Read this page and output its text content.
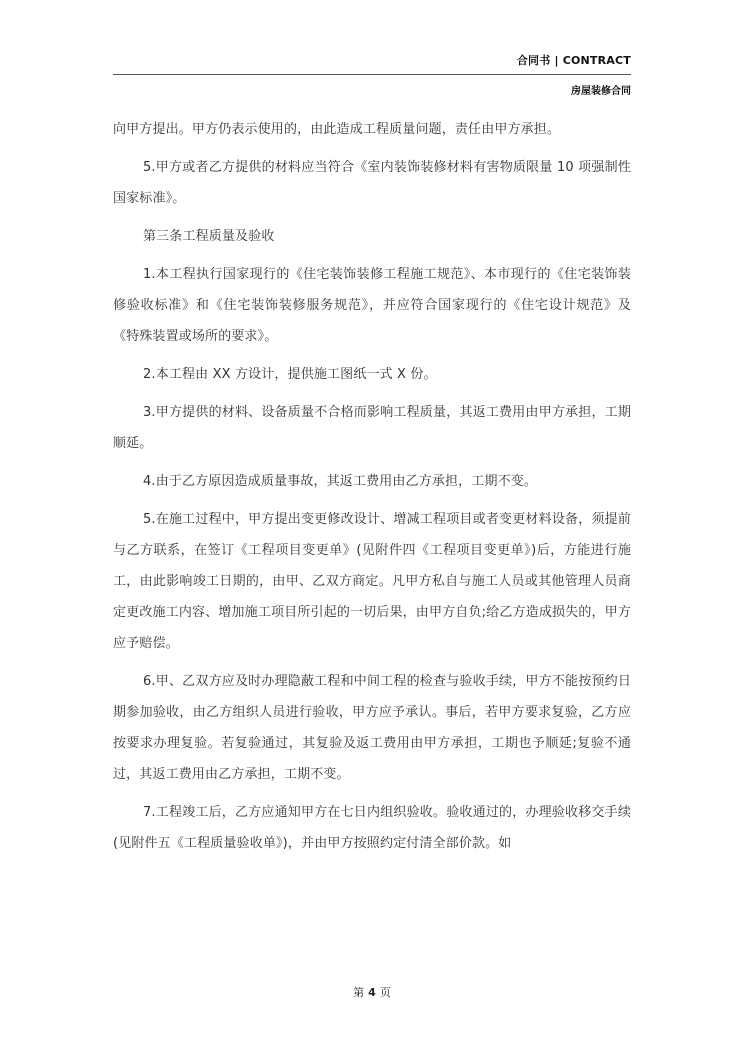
合同书 | CONTRACT
房屋装修合同

向甲方提出。甲方仍表示使用的，由此造成工程质量问题，责任由甲方承担。

5.甲方或者乙方提供的材料应当符合《室内装饰装修材料有害物质限量 10 项强制性国家标准》。

第三条工程质量及验收

1.本工程执行国家现行的《住宅装饰装修工程施工规范》、本市现行的《住宅装饰装修验收标准》和《住宅装饰装修服务规范》，并应符合国家现行的《住宅设计规范》及《特殊装置或场所的要求》。

2.本工程由 XX 方设计，提供施工图纸一式 X 份。

3.甲方提供的材料、设备质量不合格而影响工程质量，其返工费用由甲方承担，工期顺延。

4.由于乙方原因造成质量事故，其返工费用由乙方承担，工期不变。

5.在施工过程中，甲方提出变更修改设计、增减工程项目或者变更材料设备，须提前与乙方联系，在签订《工程项目变更单》(见附件四《工程项目变更单》)后，方能进行施工，由此影响竣工日期的，由甲、乙双方商定。凡甲方私自与施工人员或其他管理人员商定更改施工内容、增加施工项目所引起的一切后果，由甲方自负;给乙方造成损失的，甲方应予赔偿。

6.甲、乙双方应及时办理隐蔽工程和中间工程的检查与验收手续，甲方不能按预约日期参加验收，由乙方组织人员进行验收，甲方应予承认。事后，若甲方要求复验，乙方应按要求办理复验。若复验通过，其复验及返工费用由甲方承担，工期也予顺延;复验不通过，其返工费用由乙方承担，工期不变。

7.工程竣工后，乙方应通知甲方在七日内组织验收。验收通过的，办理验收移交手续(见附件五《工程质量验收单》)，并由甲方按照约定付清全部价款。如

第 4 页
